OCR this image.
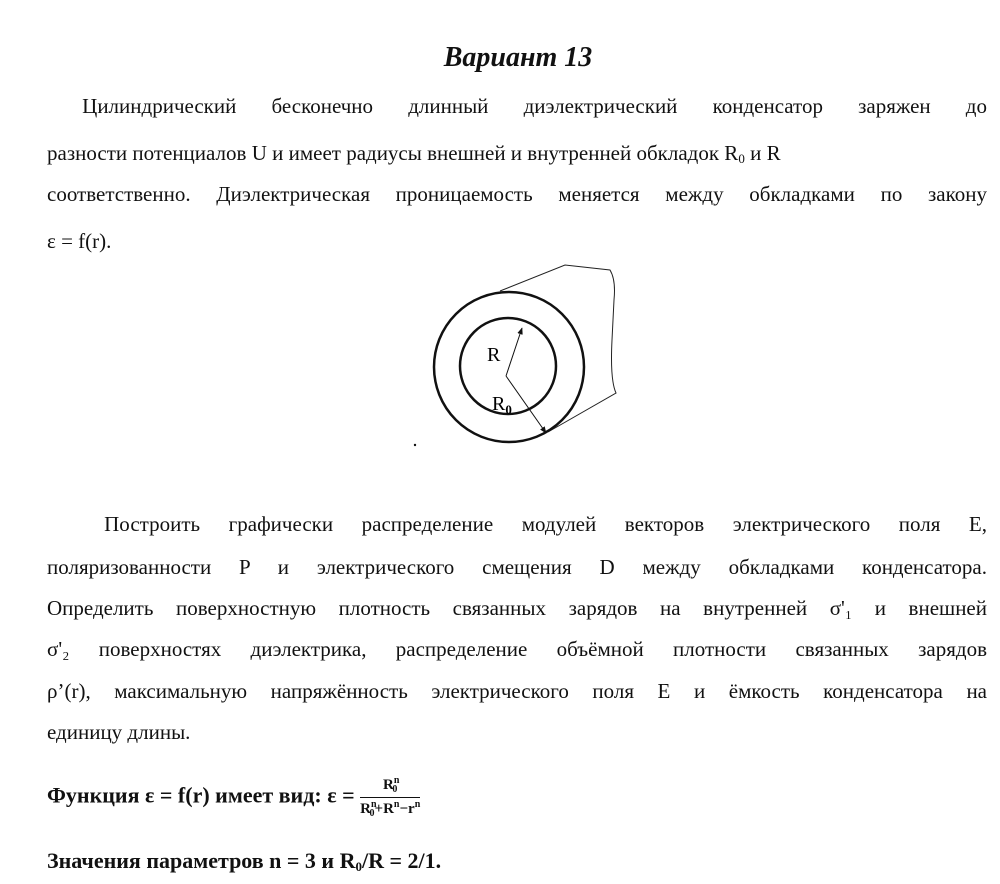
Вариант 13
Цилиндрический бесконечно длинный диэлектрический конденсатор заряжен до
разности потенциалов U и имеет радиусы внешней и внутренней обкладок $R_0$ и R
соответственно. Диэлектрическая проницаемость меняется между обкладками по закону
ε = f(r).
R
$R_0$
Построить графически распределение модулей векторов электрического поля E,
поляризованности P и электрического смещения D между обкладками конденсатора.
Определить поверхностную плотность связанных зарядов на внутренней σ'₁ и внешней
σ'₂ поверхностях диэлектрика, распределение объёмной плотности связанных зарядов
ρ’(r), максимальную напряжённость электрического поля E и ёмкость конденсатора на
единицу длины.
Функция ε = f(r) имеет вид: $\varepsilon = \frac{R^n_0}{R^n_0+R^n-r^n}$
Значения параметров n = 3 и $R_0/R = 2/1$.
